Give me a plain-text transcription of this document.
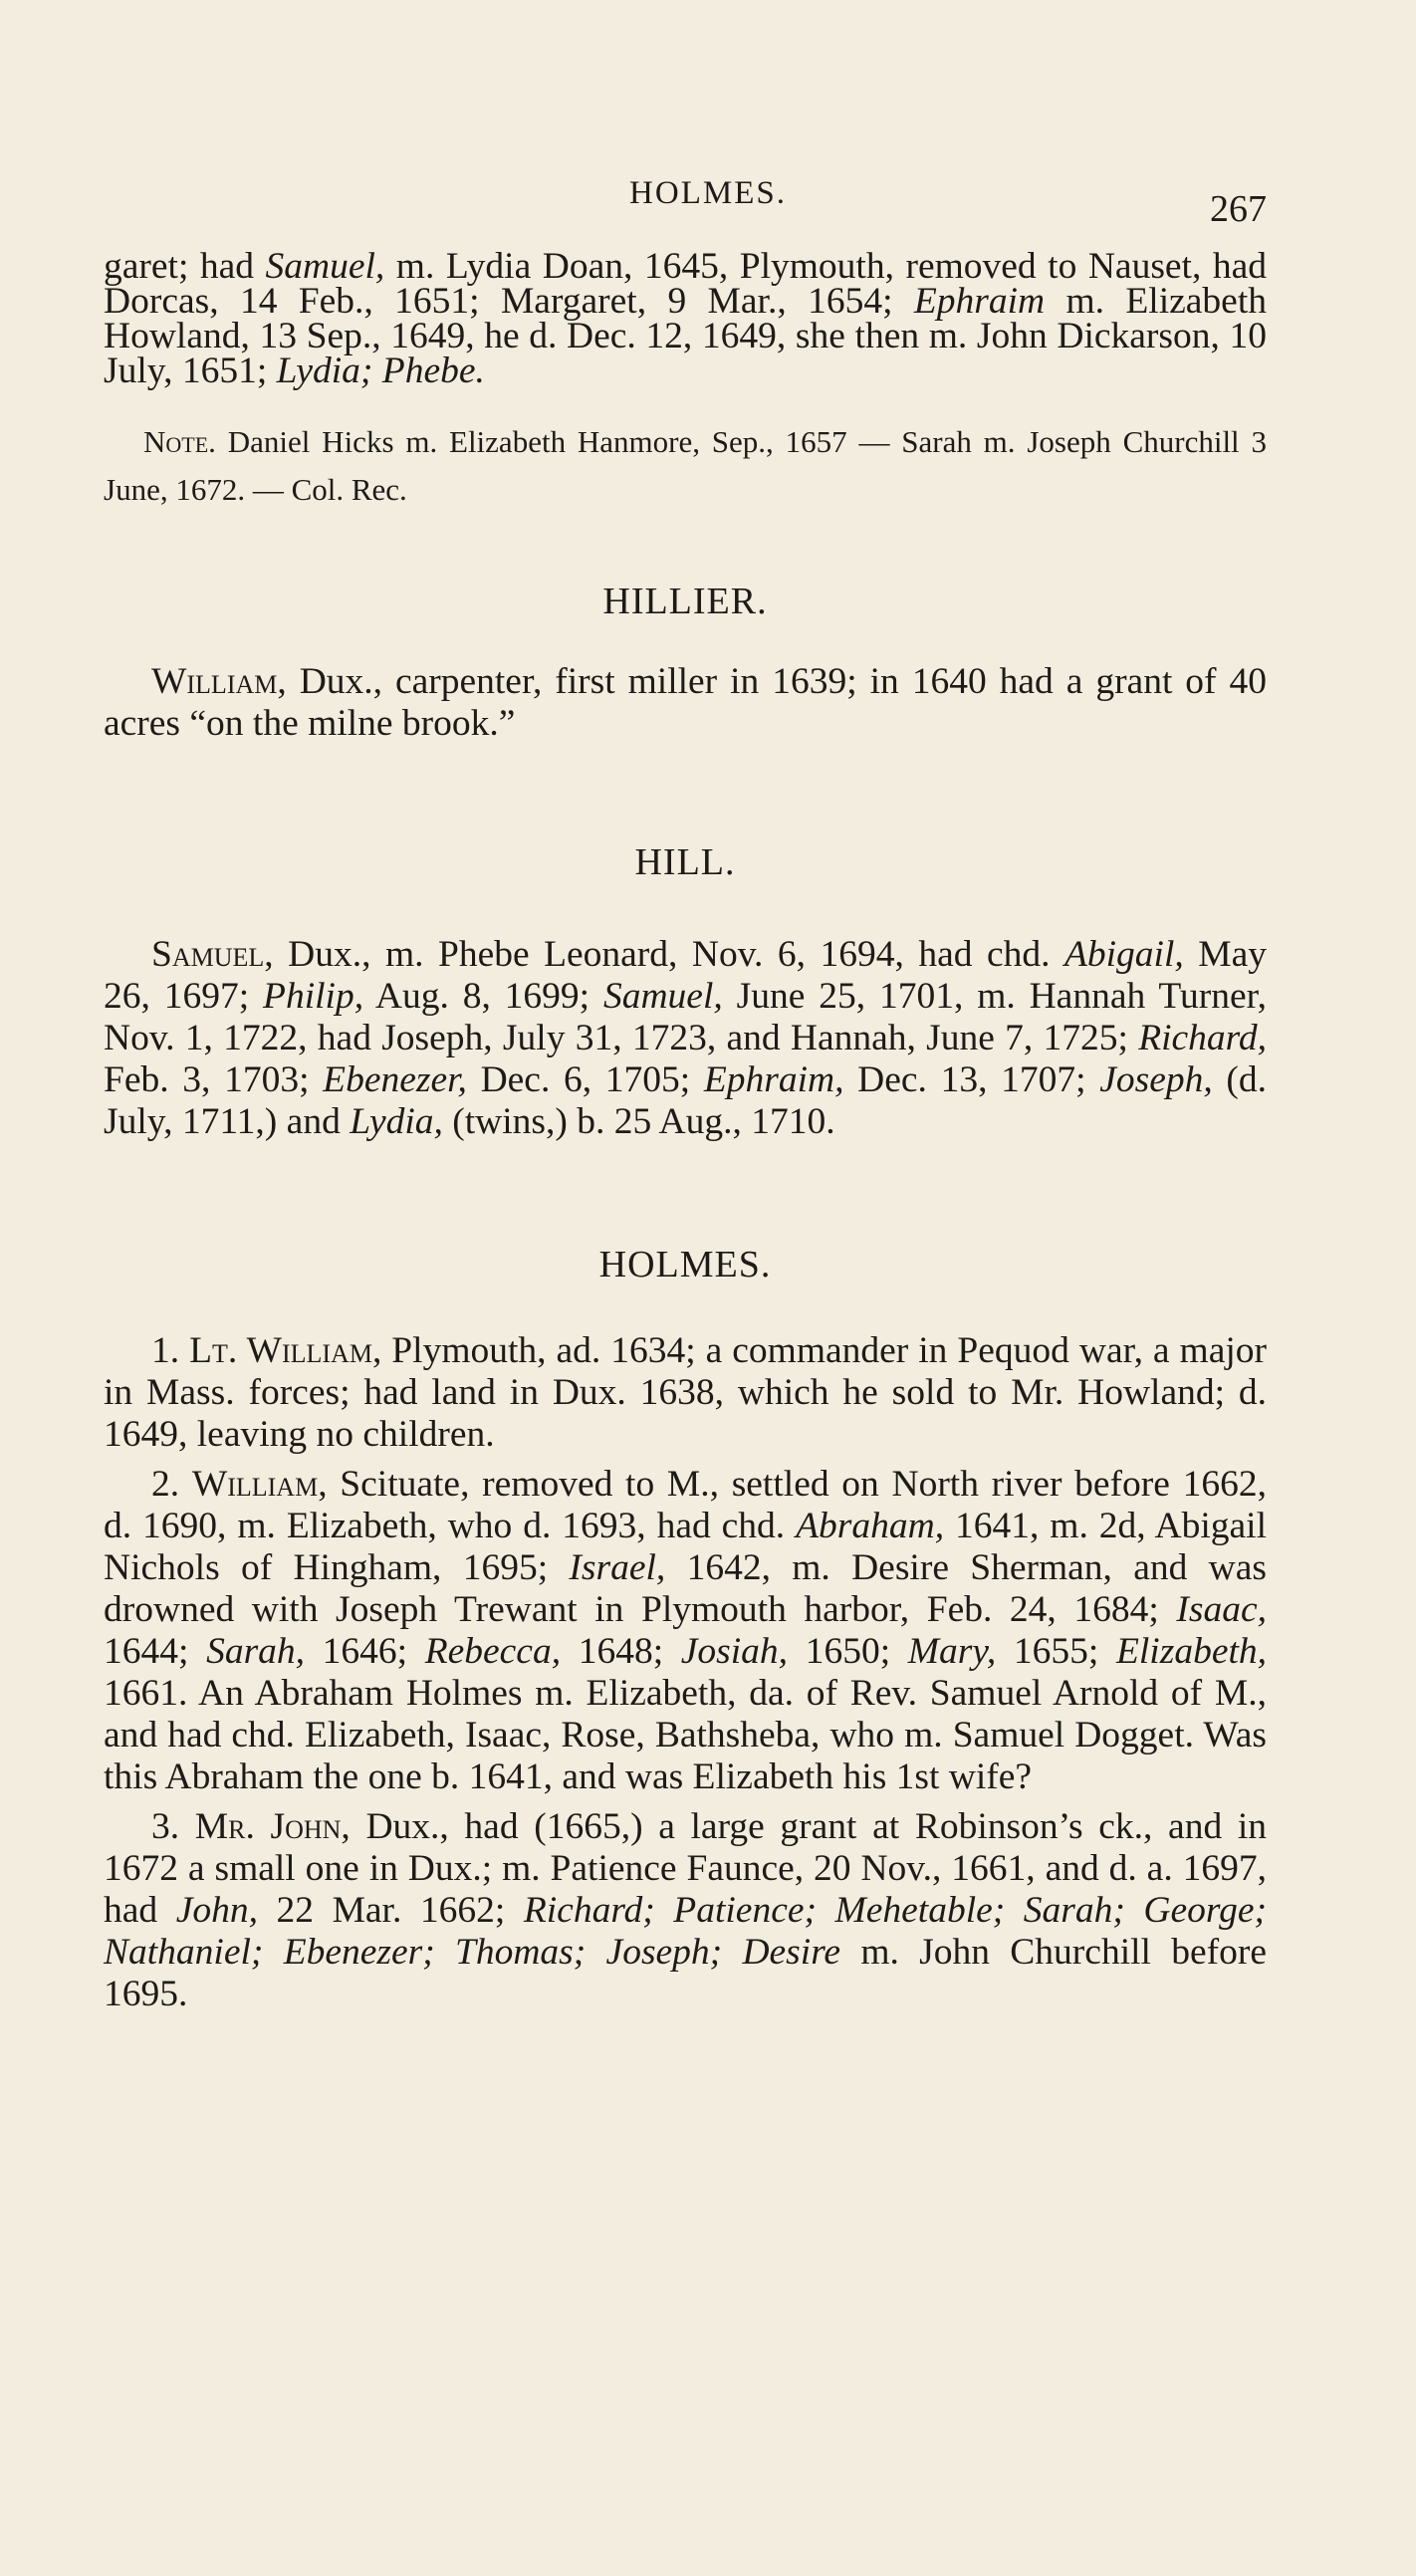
HOLMES.	267

garet; had Samuel, m. Lydia Doan, 1645, Plymouth, removed to Nauset, had Dorcas, 14 Feb., 1651; Margaret, 9 Mar., 1654; Ephraim m. Elizabeth Howland, 13 Sep., 1649, he d. Dec. 12, 1649, she then m. John Dickarson, 10 July, 1651; Lydia; Phebe.

Note. Daniel Hicks m. Elizabeth Hanmore, Sep., 1657 — Sarah m. Joseph Churchill 3 June, 1672. — Col. Rec.

HILLIER.

William, Dux., carpenter, first miller in 1639; in 1640 had a grant of 40 acres “on the milne brook.”

HILL.

Samuel, Dux., m. Phebe Leonard, Nov. 6, 1694, had chd. Abigail, May 26, 1697; Philip, Aug. 8, 1699; Samuel, June 25, 1701, m. Hannah Turner, Nov. 1, 1722, had Joseph, July 31, 1723, and Hannah, June 7, 1725; Richard, Feb. 3, 1703; Ebenezer, Dec. 6, 1705; Ephraim, Dec. 13, 1707; Joseph, (d. July, 1711,) and Lydia, (twins,) b. 25 Aug., 1710.

HOLMES.

1. Lt. William, Plymouth, ad. 1634; a commander in Pequod war, a major in Mass. forces; had land in Dux. 1638, which he sold to Mr. Howland; d. 1649, leaving no children.

2. William, Scituate, removed to M., settled on North river before 1662, d. 1690, m. Elizabeth, who d. 1693, had chd. Abraham, 1641, m. 2d, Abigail Nichols of Hingham, 1695; Israel, 1642, m. Desire Sherman, and was drowned with Joseph Trewant in Plymouth harbor, Feb. 24, 1684; Isaac, 1644; Sarah, 1646; Rebecca, 1648; Josiah, 1650; Mary, 1655; Elizabeth, 1661. An Abraham Holmes m. Elizabeth, da. of Rev. Samuel Arnold of M., and had chd. Elizabeth, Isaac, Rose, Bathsheba, who m. Samuel Dogget. Was this Abraham the one b. 1641, and was Elizabeth his 1st wife?

3. Mr. John, Dux., had (1665,) a large grant at Robinson’s ck., and in 1672 a small one in Dux.; m. Patience Faunce, 20 Nov., 1661, and d. a. 1697, had John, 22 Mar. 1662; Richard; Patience; Mehetable; Sarah; George; Nathaniel; Ebenezer; Thomas; Joseph; Desire m. John Churchill before 1695.
